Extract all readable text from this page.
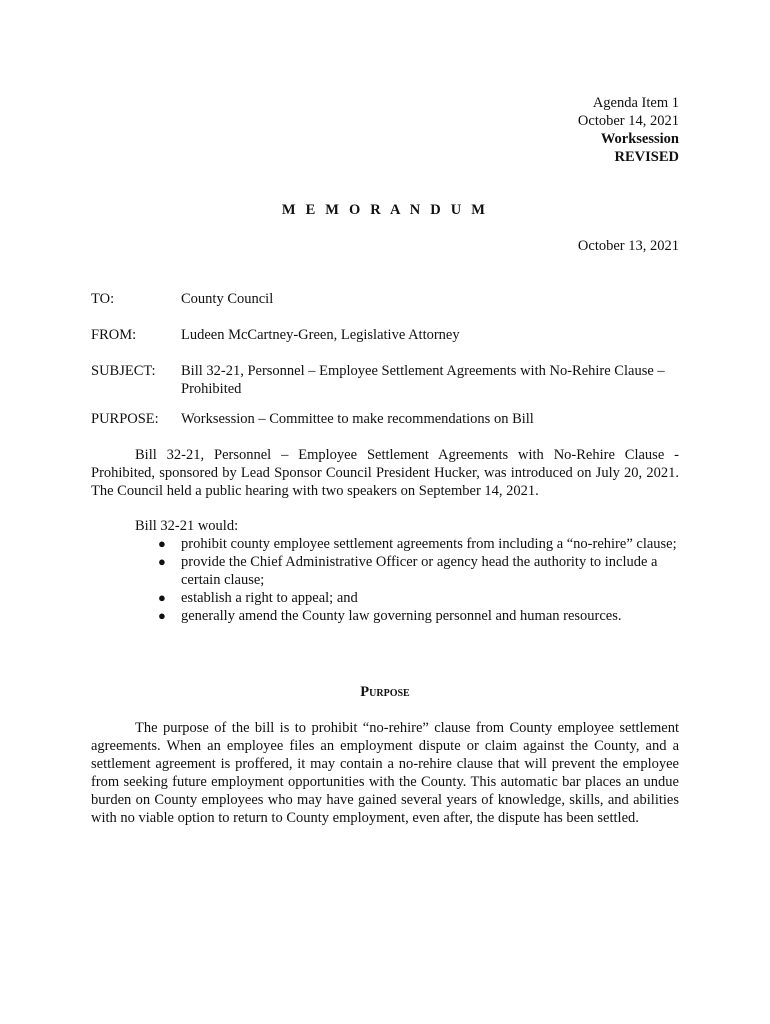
Agenda Item 1
October 14, 2021
Worksession
REVISED
M E M O R A N D U M
October 13, 2021
TO:	County Council
FROM:	Ludeen McCartney-Green, Legislative Attorney
SUBJECT:	Bill 32-21, Personnel – Employee Settlement Agreements with No-Rehire Clause – Prohibited
PURPOSE:	Worksession – Committee to make recommendations on Bill
Bill 32-21, Personnel – Employee Settlement Agreements with No-Rehire Clause - Prohibited, sponsored by Lead Sponsor Council President Hucker, was introduced on July 20, 2021. The Council held a public hearing with two speakers on September 14, 2021.
Bill 32-21 would:
● prohibit county employee settlement agreements from including a “no-rehire” clause;
● provide the Chief Administrative Officer or agency head the authority to include a certain clause;
● establish a right to appeal; and
● generally amend the County law governing personnel and human resources.
Purpose
The purpose of the bill is to prohibit “no-rehire” clause from County employee settlement agreements. When an employee files an employment dispute or claim against the County, and a settlement agreement is proffered, it may contain a no-rehire clause that will prevent the employee from seeking future employment opportunities with the County. This automatic bar places an undue burden on County employees who may have gained several years of knowledge, skills, and abilities with no viable option to return to County employment, even after, the dispute has been settled.
